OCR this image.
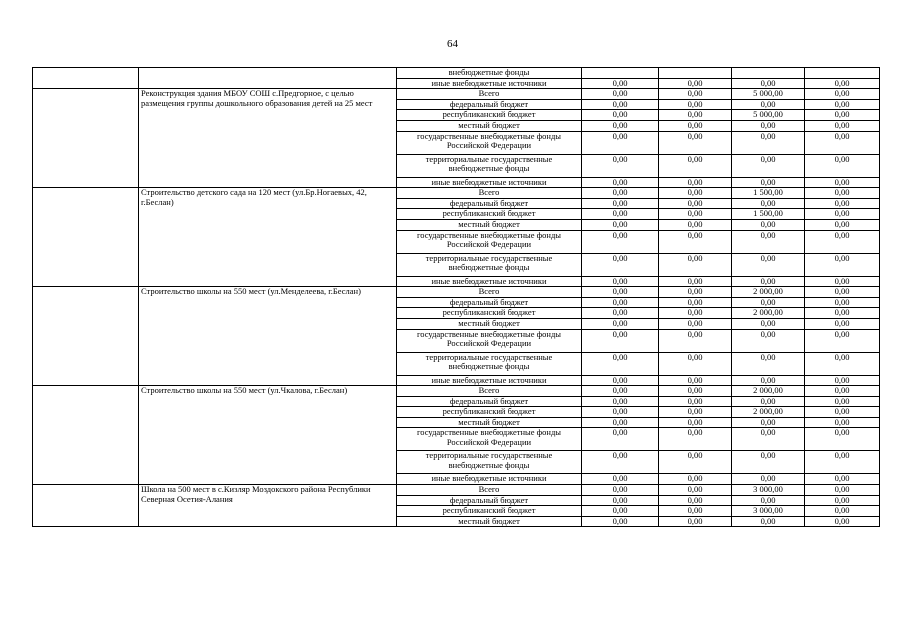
64
		внебюджетные фонды				
		иные внебюджетные источники	0,00	0,00	0,00	0,00
	Реконструкция здания МБОУ СОШ с.Предгорное, с целью размещения группы дошкольного образования детей на 25 мест	Всего	0,00	0,00	5 000,00	0,00
		федеральный бюджет	0,00	0,00	0,00	0,00
		республиканский бюджет	0,00	0,00	5 000,00	0,00
		местный бюджет	0,00	0,00	0,00	0,00
		государственные внебюджетные фонды Российской Федерации	0,00	0,00	0,00	0,00
		территориальные государственные внебюджетные фонды	0,00	0,00	0,00	0,00
		иные внебюджетные источники	0,00	0,00	0,00	0,00
	Строительство детского сада на 120 мест (ул.Бр.Ногаевых, 42, г.Беслан)	Всего	0,00	0,00	1 500,00	0,00
		федеральный бюджет	0,00	0,00	0,00	0,00
		республиканский бюджет	0,00	0,00	1 500,00	0,00
		местный бюджет	0,00	0,00	0,00	0,00
		государственные внебюджетные фонды Российской Федерации	0,00	0,00	0,00	0,00
		территориальные государственные внебюджетные фонды	0,00	0,00	0,00	0,00
		иные внебюджетные источники	0,00	0,00	0,00	0,00
	Строительство школы на 550 мест (ул.Менделеева, г.Беслан)	Всего	0,00	0,00	2 000,00	0,00
		федеральный бюджет	0,00	0,00	0,00	0,00
		республиканский бюджет	0,00	0,00	2 000,00	0,00
		местный бюджет	0,00	0,00	0,00	0,00
		государственные внебюджетные фонды Российской Федерации	0,00	0,00	0,00	0,00
		территориальные государственные внебюджетные фонды	0,00	0,00	0,00	0,00
		иные внебюджетные источники	0,00	0,00	0,00	0,00
	Строительство школы на 550 мест (ул.Чкалова, г.Беслан)	Всего	0,00	0,00	2 000,00	0,00
		федеральный бюджет	0,00	0,00	0,00	0,00
		республиканский бюджет	0,00	0,00	2 000,00	0,00
		местный бюджет	0,00	0,00	0,00	0,00
		государственные внебюджетные фонды Российской Федерации	0,00	0,00	0,00	0,00
		территориальные государственные внебюджетные фонды	0,00	0,00	0,00	0,00
		иные внебюджетные источники	0,00	0,00	0,00	0,00
	Школа на 500 мест в с.Кизляр Моздокского района Республики Северная Осетия-Алания	Всего	0,00	0,00	3 000,00	0,00
		федеральный бюджет	0,00	0,00	0,00	0,00
		республиканский бюджет	0,00	0,00	3 000,00	0,00
		местный бюджет	0,00	0,00	0,00	0,00
